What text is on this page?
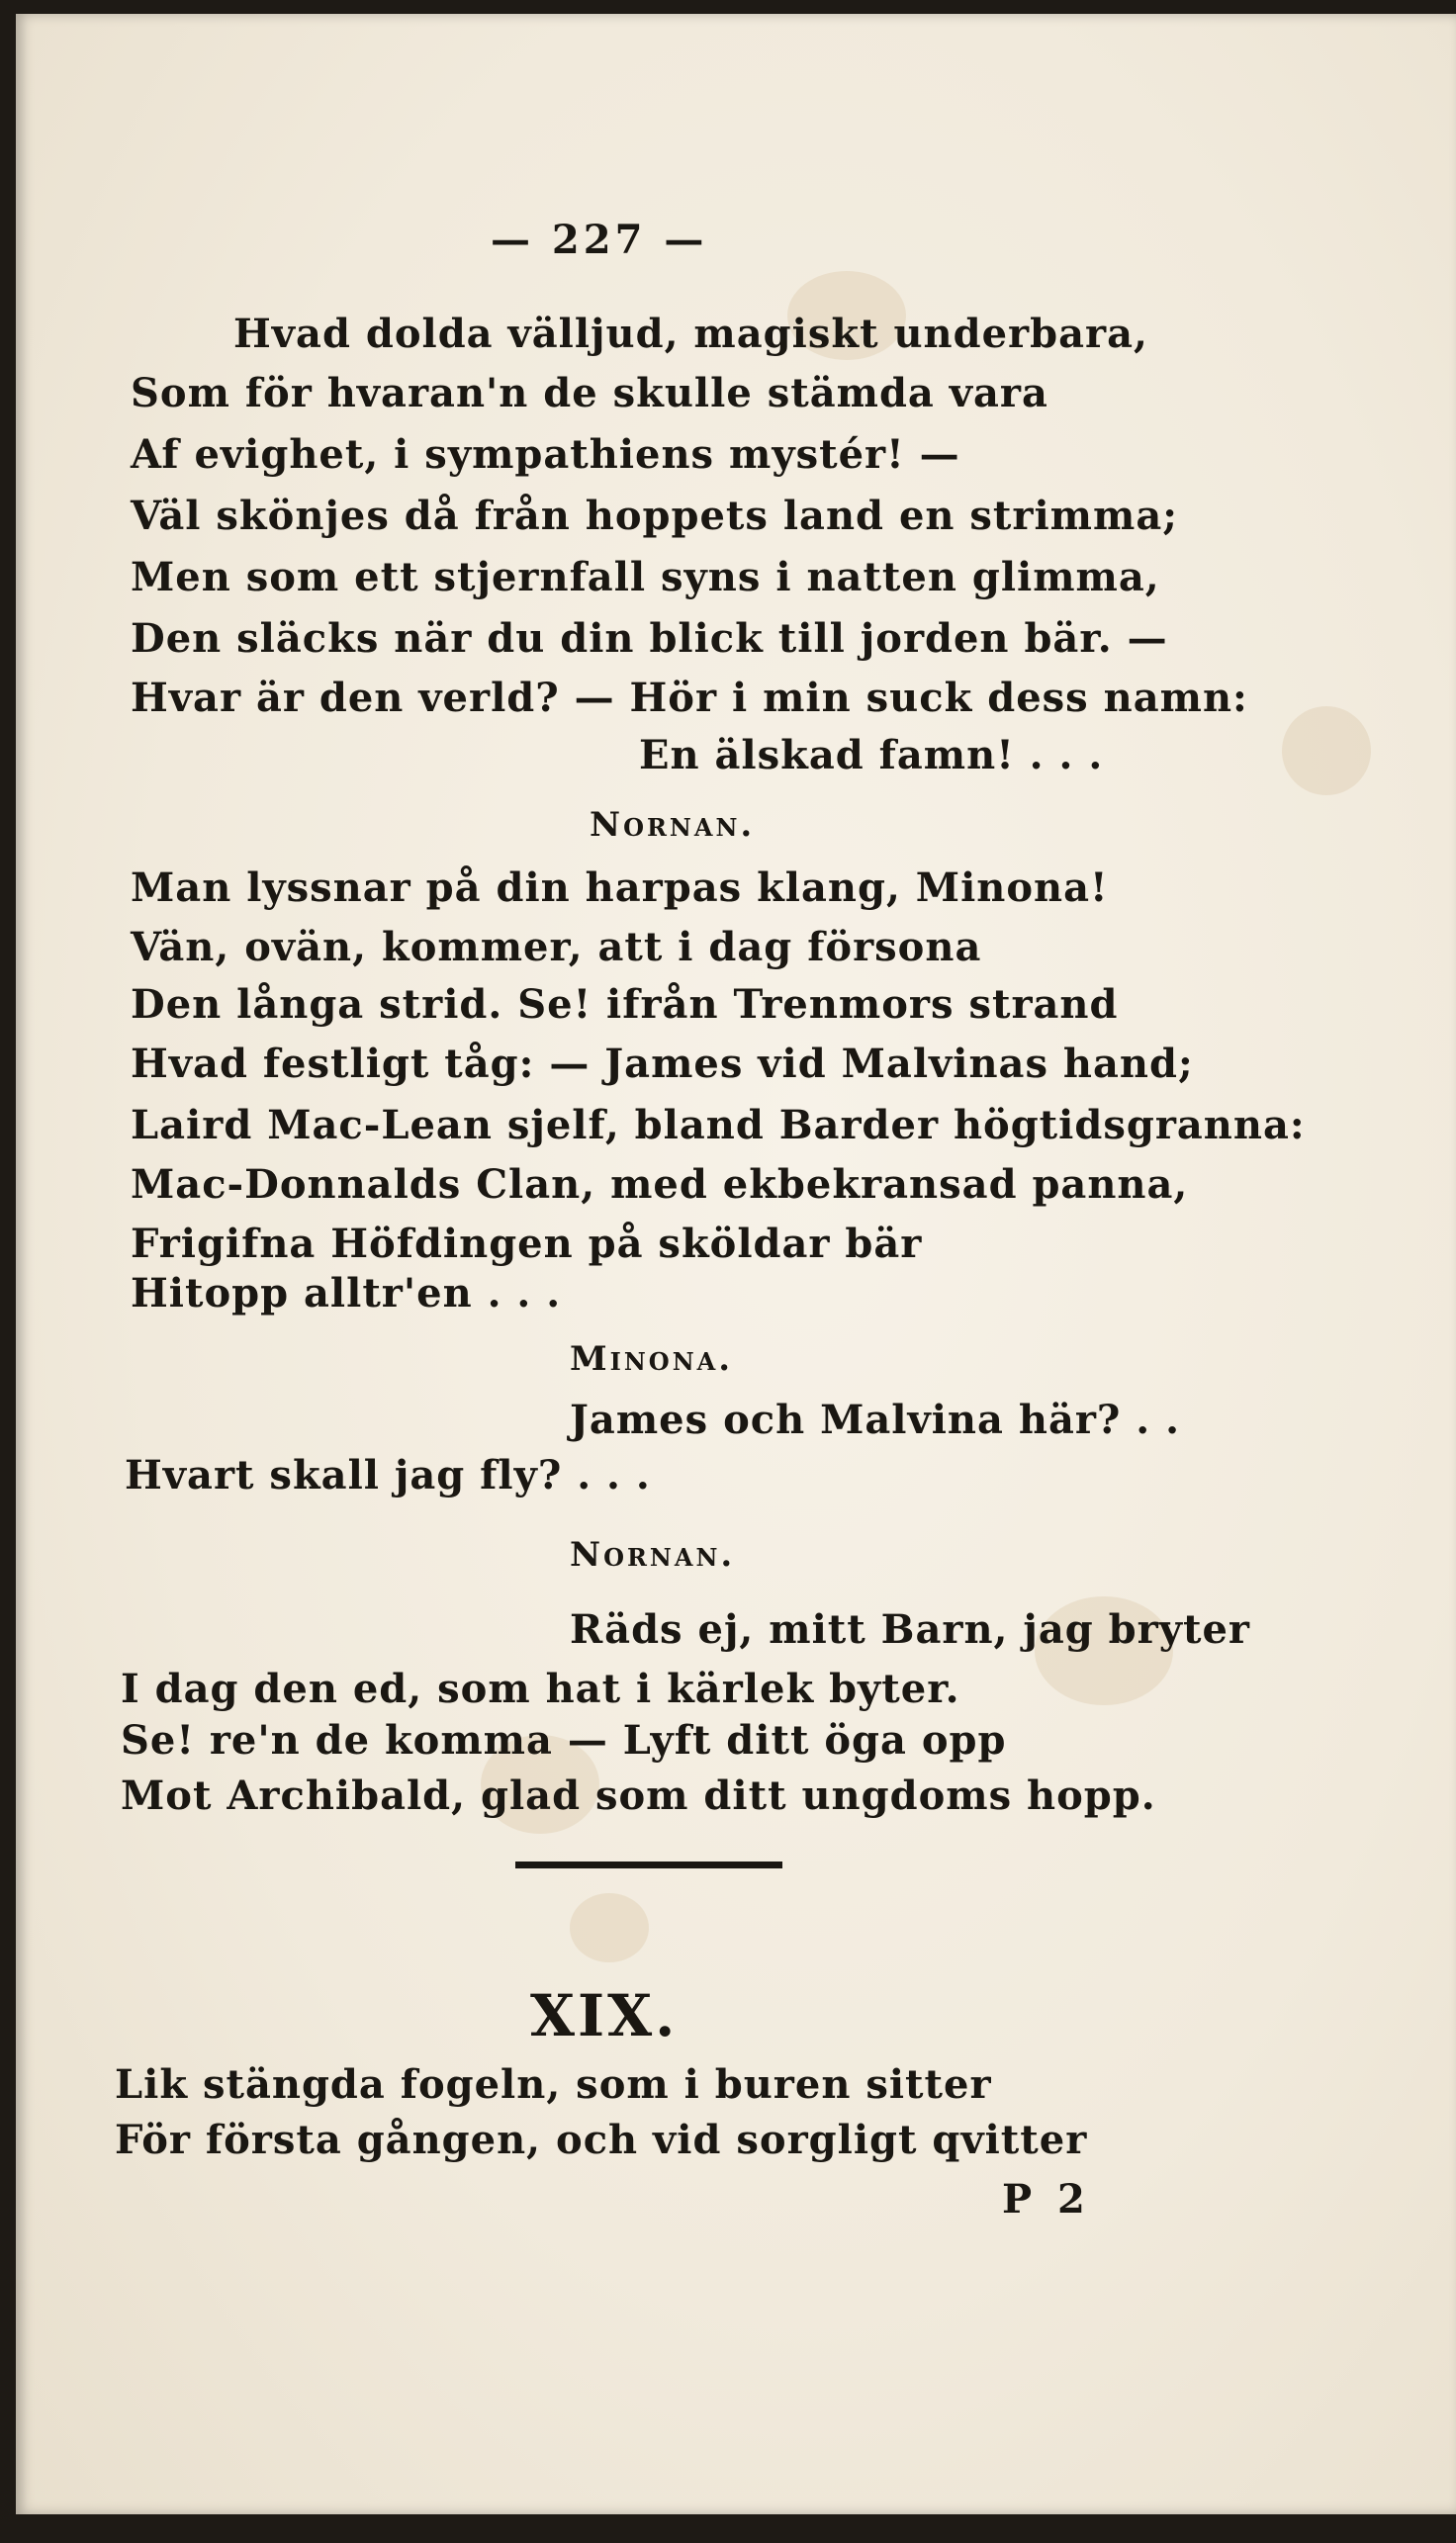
— 227 —
Hvad dolda välljud, magiskt underbara,
Som för hvaran'n de skulle stämda vara
Af evighet, i sympathiens mystér! —
Väl skönjes då från hoppets land en strimma;
Men som ett stjernfall syns i natten glimma,
Den släcks när du din blick till jorden bär. —
Hvar är den verld? — Hör i min suck dess namn:
En älskad famn! . . .
Nornan.
Man lyssnar på din harpas klang, Minona!
Vän, ovän, kommer, att i dag försona
Den långa strid. Se! ifrån Trenmors strand
Hvad festligt tåg: — James vid Malvinas hand;
Laird Mac-Lean sjelf, bland Barder högtidsgranna:
Mac-Donnalds Clan, med ekbekransad panna,
Frigifna Höfdingen på sköldar bär
Hitopp alltr'en . . .
Minona.
James och Malvina här? . .
Hvart skall jag fly? . . .
Nornan.
Räds ej, mitt Barn, jag bryter
I dag den ed, som hat i kärlek byter.
Se! re'n de komma — Lyft ditt öga opp
Mot Archibald, glad som ditt ungdoms hopp.
XIX.
Lik stängda fogeln, som i buren sitter
För första gången, och vid sorgligt qvitter
P 2
